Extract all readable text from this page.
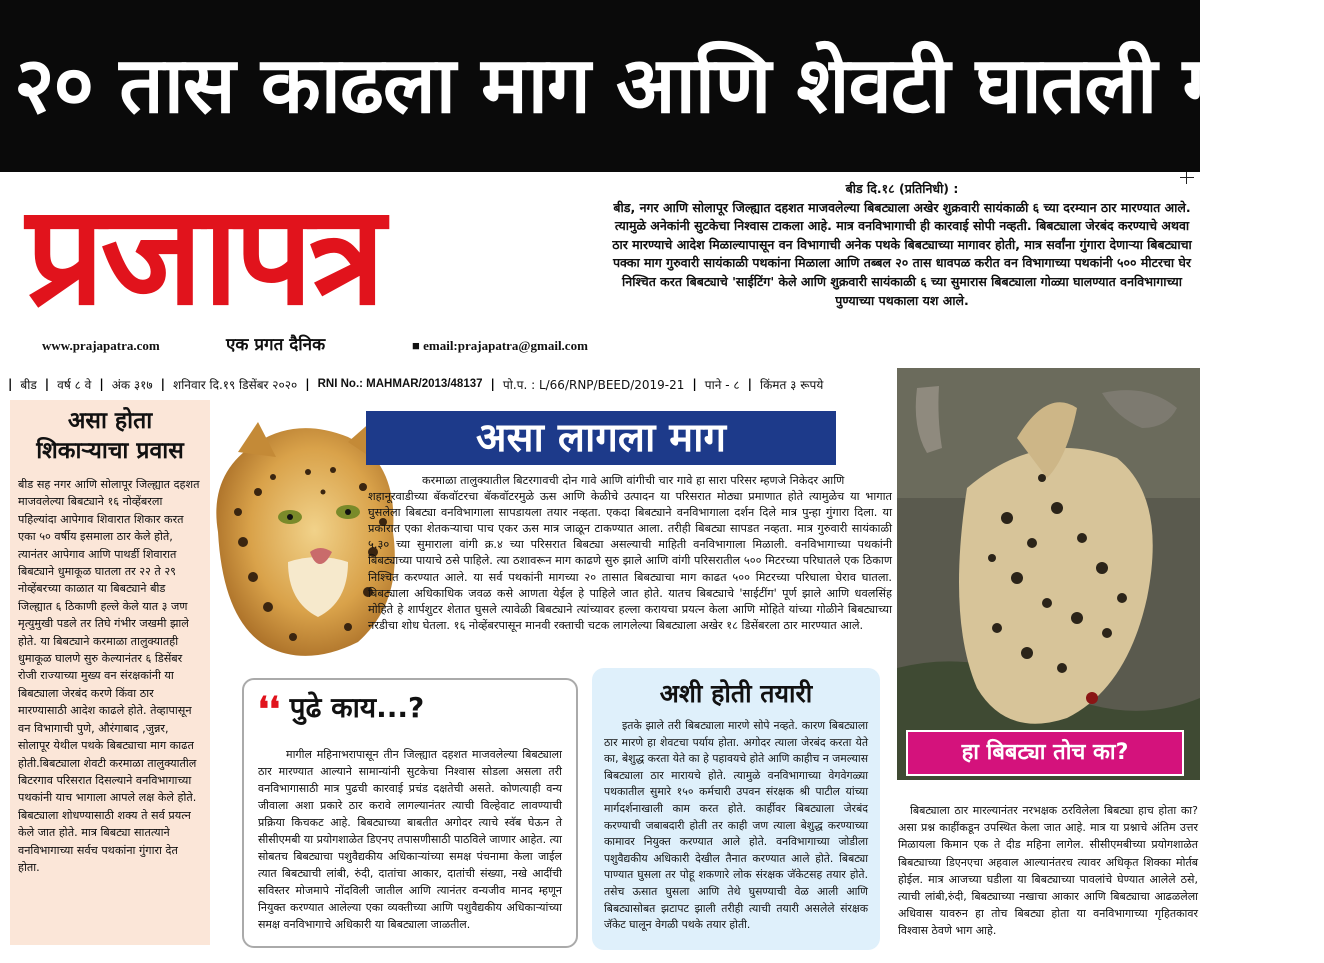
२० तास काढला माग आणि शेवटी घातली गोळी
प्रजापत्र
www.prajapatra.com	एक प्रगत दैनिक	■ email:prajapatra@gmail.com
बीड दि.१८ (प्रतिनिधी) :
बीड, नगर आणि सोलापूर जिल्ह्यात दहशत माजवलेल्या बिबट्याला अखेर शुक्रवारी सायंकाळी ६ च्या दरम्यान ठार मारण्यात आले. त्यामुळे अनेकांनी सुटकेचा निश्वास टाकला आहे. मात्र वनविभागाची ही कारवाई सोपी नव्हती. बिबट्याला जेरबंद करण्याचे अथवा ठार मारण्याचे आदेश मिळाल्यापासून वन विभागाची अनेक पथके बिबट्याच्या मागावर होती, मात्र सर्वांना गुंगारा देणाऱ्या बिबट्याचा पक्का माग गुरुवारी सायंकाळी पथकांना मिळाला आणि तब्बल २० तास धावपळ करीत वन विभागाच्या पथकांनी ५०० मीटरचा घेर निश्चित करत बिबट्याचे 'साईटिंग' केले आणि शुक्रवारी सायंकाळी ६ च्या सुमारास बिबट्याला गोळ्या घालण्यात वनविभागाच्या पुण्याच्या पथकाला यश आले.
| बीड | वर्ष ८ वे | अंक ३१७ | शनिवार दि.१९ डिसेंबर २०२० | RNI No.: MAHMAR/2013/48137 | पो.प. : L/66/RNP/BEED/2019-21 | पाने - ८ | किंमत ३ रूपये
असा होता
शिकाऱ्याचा प्रवास
बीड सह नगर आणि सोलापूर जिल्ह्यात दहशत माजवलेल्या बिबट्याने १६ नोव्हेंबरला पहिल्यांदा आपेगाव शिवारात शिकार करत एका ५० वर्षीय इसमाला ठार केले होते, त्यानंतर आपेगाव आणि पाथर्डी शिवारात बिबट्याने धुमाकूळ घातला तर २२ ते २९ नोव्हेंबरच्या काळात या बिबट्याने बीड जिल्ह्यात ६ ठिकाणी हल्ले केले यात ३ जण मृत्युमुखी पडले तर तिघे गंभीर जखमी झाले होते. या बिबट्याने करमाळा तालुक्यातही धुमाकूळ घालणे सुरु केल्यानंतर ६ डिसेंबर रोजी राज्याच्या मुख्य वन संरक्षकांनी या बिबट्याला जेरबंद करणे किंवा ठार मारण्यासाठी आदेश काढले होते. तेव्हापासून वन विभागाची पुणे, औरंगाबाद ,जुन्नर, सोलापूर येथील पथके बिबट्याचा माग काढत होती.बिबट्याला शेवटी करमाळा तालुक्यातील बिटरगाव परिसरात दिसल्याने वनविभागाच्या पथकांनी याच भागाला आपले लक्ष केले होते. बिबट्याला शोधण्यासाठी शक्य ते सर्व प्रयत्न केले जात होते. मात्र बिबट्या सातत्याने वनविभागाच्या सर्वच पथकांना गुंगारा देत होता.
असा लागला माग
करमाळा तालुक्यातील बिटरगावची दोन गावे आणि वांगीची चार गावे हा सारा परिसर म्हणजे निकेदर आणि
शहानूरवाडीच्या बॅकवॉटरचा बॅकवॉटरमुळे ऊस आणि केळीचे उत्पादन या परिसरात मोठ्या प्रमाणात होते त्यामुळेच या भागात घुसलेला बिबट्या वनविभागाला सापडायला तयार नव्हता. एकदा बिबट्याने वनविभागाला दर्शन दिले मात्र पुन्हा गुंगारा दिला. या प्रकारात एका शेतकऱ्याचा पाच एकर ऊस मात्र जाळून टाकण्यात आला. तरीही बिबट्या सापडत नव्हता. मात्र गुरुवारी सायंकाळी ५.३० च्या सुमाराला वांगी क्र.४ च्या परिसरात बिबट्या असल्याची माहिती वनविभागाला मिळाली. वनविभागाच्या पथकांनी बिबट्याच्या पायाचे ठसे पाहिले. त्या ठशावरून माग काढणे सुरु झाले आणि वांगी परिसरातील ५०० मिटरच्या परिघातले एक ठिकाण निश्चित करण्यात आले. या सर्व पथकांनी मागच्या २० तासात बिबट्याचा माग काढत ५०० मिटरच्या परिघाला घेराव घातला. बिबट्याला अधिकाधिक जवळ कसे आणता येईल हे पाहिले जात होते. यातच बिबट्याचे 'साईटींग' पूर्ण झाले आणि धवलसिंह मोहिते हे शार्पशुटर शेतात घुसले त्यावेळी बिबट्याने त्यांच्यावर हल्ला करायचा प्रयत्न केला आणि मोहिते यांच्या गोळीने बिबट्याच्या नरडीचा शोध घेतला. १६ नोव्हेंबरपासून मानवी रक्ताची चटक लागलेल्या बिबट्याला अखेर १८ डिसेंबरला ठार मारण्यात आले.
❛❛ पुढे काय...?
मागील महिनाभरापासून तीन जिल्ह्यात दहशत माजवलेल्या बिबट्याला ठार मारण्यात आल्याने सामान्यांनी सुटकेचा निश्वास सोडला असला तरी वनविभागासाठी मात्र पुढची कारवाई प्रचंड दक्षतेची असते. कोणत्याही वन्य जीवाला अशा प्रकारे ठार करावे लागल्यानंतर त्याची विल्हेवाट लावण्याची प्रक्रिया किचकट आहे. बिबट्याच्या बाबतीत अगोदर त्याचे स्वॅब घेऊन ते सीसीएमबी या प्रयोगशाळेत डिएनए तपासणीसाठी पाठविले जाणार आहेत. त्या सोबतच बिबट्याचा पशुवैद्यकीय अधिकाऱ्यांच्या समक्ष पंचनामा केला जाईल त्यात बिबट्याची लांबी, रुंदी, दातांचा आकार, दातांची संख्या, नखे आदींची सविस्तर मोजमापे नोंदविली जातील आणि त्यानंतर वन्यजीव मानद म्हणून नियुक्त करण्यात आलेल्या एका व्यक्तीच्या आणि पशुवैद्यकीय अधिकाऱ्यांच्या समक्ष वनविभागाचे अधिकारी या बिबट्याला जाळतील.
अशी होती तयारी
इतके झाले तरी बिबट्याला मारणे सोपे नव्हते. कारण बिबट्याला ठार मारणे हा शेवटचा पर्याय होता. अगोदर त्याला जेरबंद करता येते का, बेशुद्ध करता येते का हे पहावयचे होते आणि काहीच न जमल्यास बिबट्याला ठार मारायचे होते. त्यामुळे वनविभागाच्या वेगवेगळ्या पथकातील सुमारे १५० कर्मचारी उपवन संरक्षक श्री पाटील यांच्या मार्गदर्शनाखाली काम करत होते. कार्हीवर बिबट्याला जेरबंद करण्याची जबाबदारी होती तर काही जण त्याला बेशुद्ध करण्याच्या कामावर नियुक्त करण्यात आले होते. वनविभागाच्या जोडीला पशुवैद्यकीय अधिकारी देखील तैनात करण्यात आले होते. बिबट्या पाण्यात घुसला तर पोहू शकणारे लोक संरक्षक जॅकेटसह तयार होते. तसेच ऊसात घुसला आणि तेथे घुसण्याची वेळ आली आणि बिबट्यासोबत झटापट झाली तरीही त्याची तयारी असलेले संरक्षक जॅकेट घालून वेगळी पथके तयार होती.
हा बिबट्या तोच का?
बिबट्याला ठार मारल्यानंतर नरभक्षक ठरविलेला बिबट्या हाच होता का? असा प्रश्न काहींकडून उपस्थित केला जात आहे. मात्र या प्रश्नाचे अंतिम उत्तर मिळायला किमान एक ते दीड महिना लागेल. सीसीएमबीच्या प्रयोगशाळेत बिबट्याच्या डिएनएचा अहवाल आल्यानंतरच त्यावर अधिकृत शिक्का मोर्तब होईल. मात्र आजच्या घडीला या बिबट्याच्या पावलांचे घेण्यात आलेले ठसे, त्याची लांबी,रुंदी, बिबट्याच्या नखाचा आकार आणि बिबट्याचा आढळलेला अधिवास यावरुन हा तोच बिबट्या होता या वनविभागाच्या गृहितकावर विश्वास ठेवणे भाग आहे.
